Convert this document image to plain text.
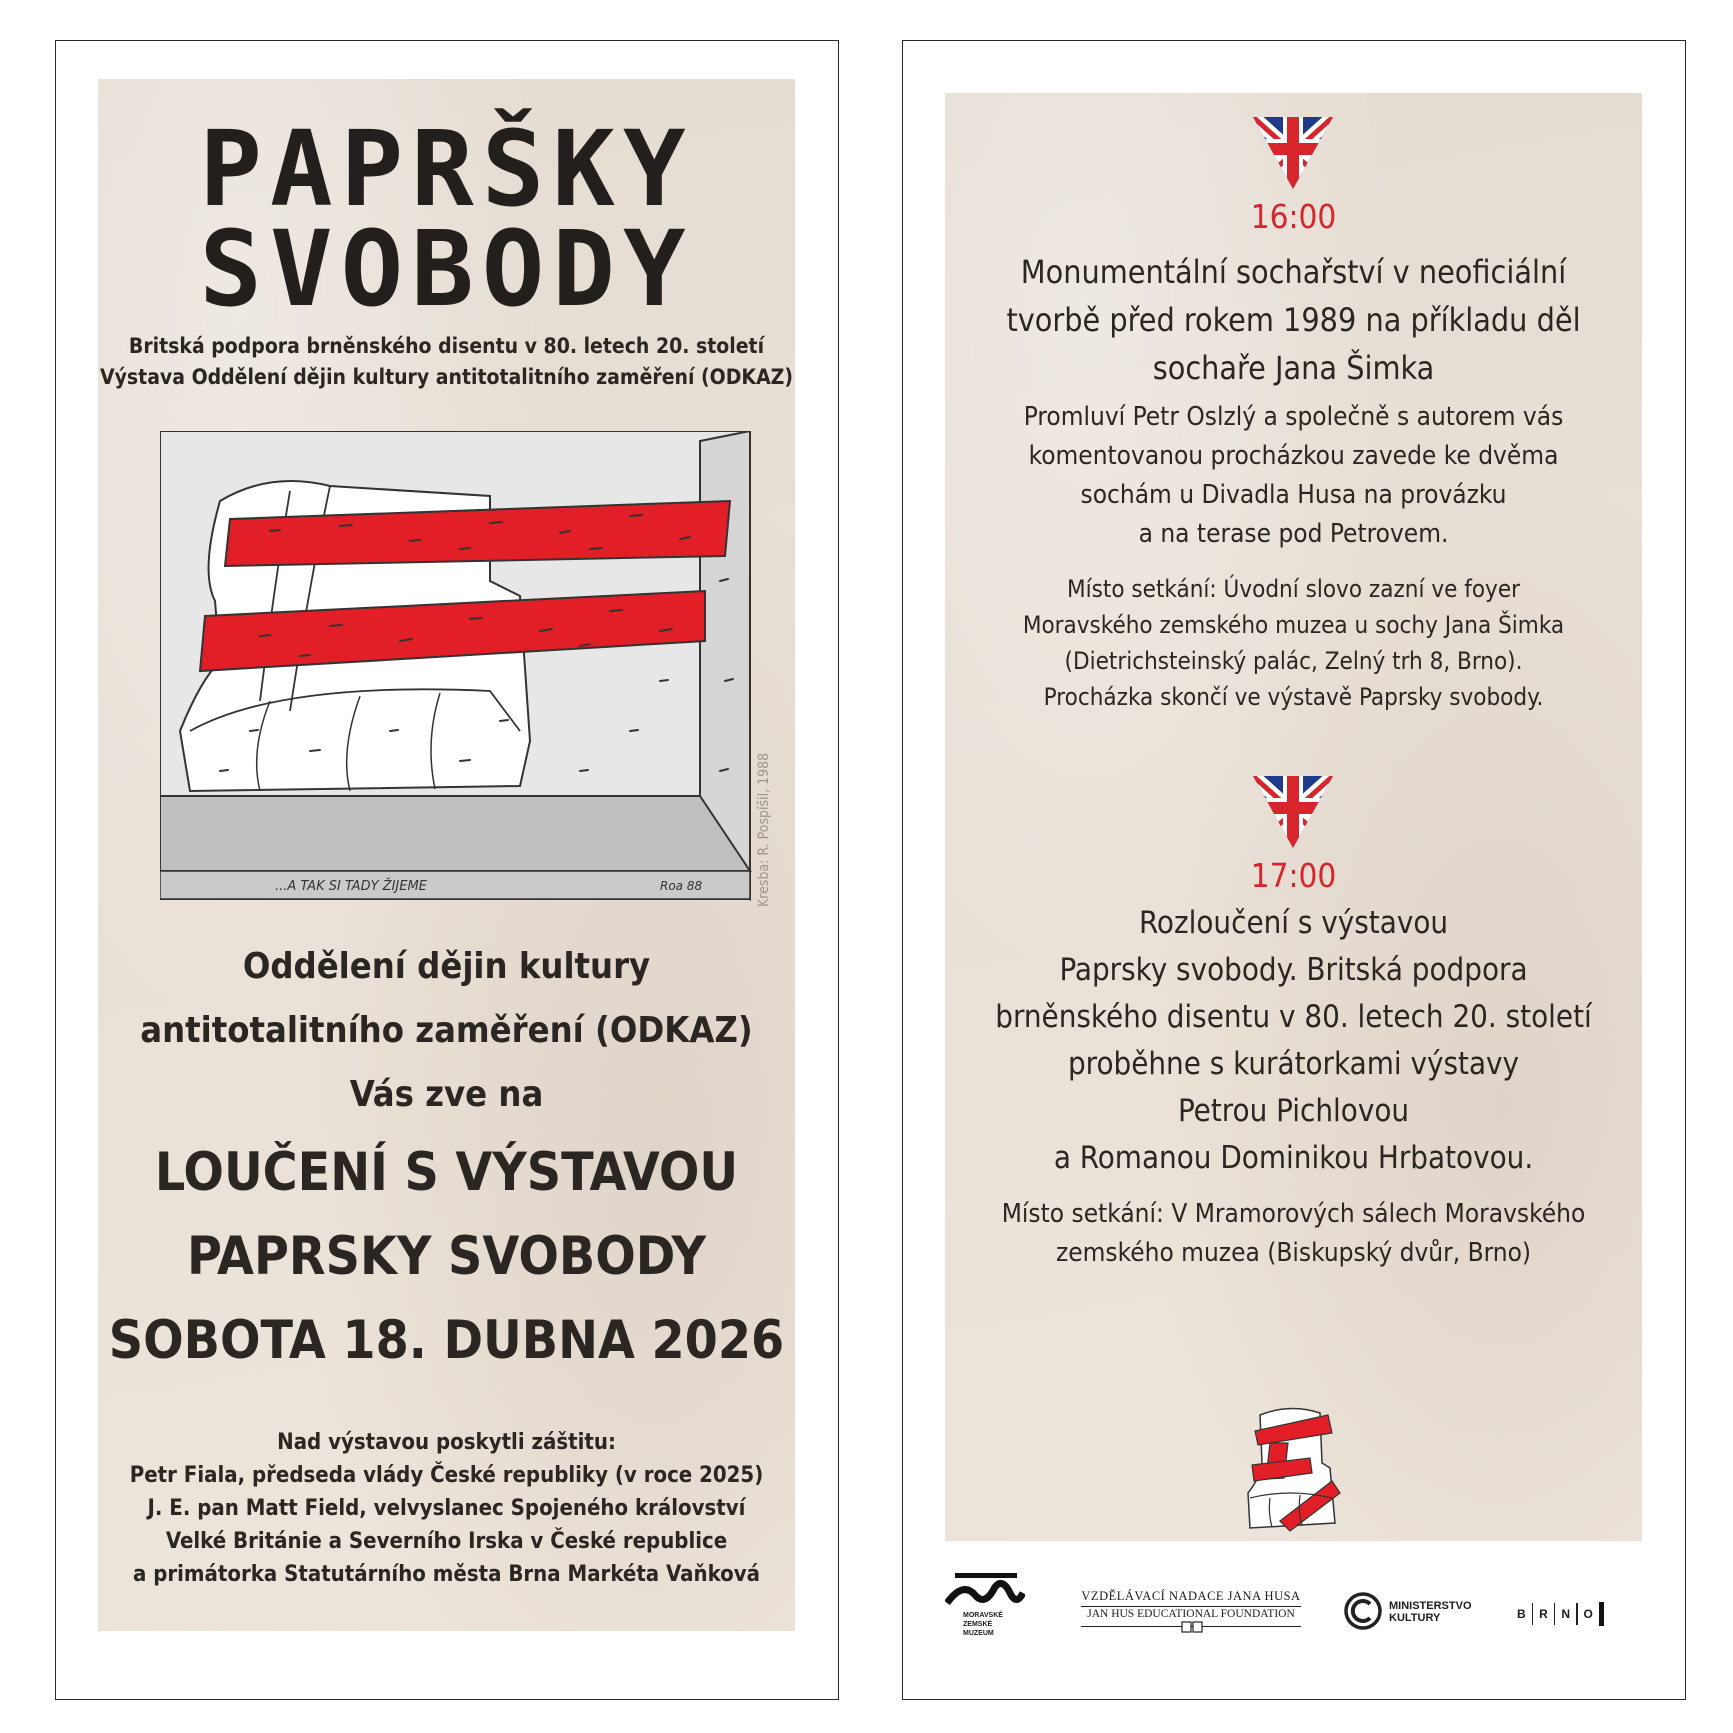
PAPRŠKY
SVOBODY
Britská podpora brněnského disentu v 80. letech 20. století
Výstava Oddělení dějin kultury antitotalitního zaměření (ODKAZ)
...A TAK SI TADY ŽIJEME	Roa 88	Kresba: R. Pospíšil, 1988
Oddělení dějin kultury
antitotalitního zaměření (ODKAZ)
Vás zve na
LOUČENÍ S VÝSTAVOU
PAPRSKY SVOBODY
SOBOTA 18. DUBNA 2026
Nad výstavou poskytli záštitu:
Petr Fiala, předseda vlády České republiky (v roce 2025)
J. E. pan Matt Field, velvyslanec Spojeného království
Velké Británie a Severního Irska v České republice
a primátorka Statutárního města Brna Markéta Vaňková
16:00
Monumentální sochařství v neoficiální
tvorbě před rokem 1989 na příkladu děl
sochaře Jana Šimka
Promluví Petr Oslzlý a společně s autorem vás
komentovanou procházkou zavede ke dvěma
sochám u Divadla Husa na provázku
a na terase pod Petrovem.
Místo setkání: Úvodní slovo zazní ve foyer
Moravského zemského muzea u sochy Jana Šimka
(Dietrichsteinský palác, Zelný trh 8, Brno).
Procházka skončí ve výstavě Paprsky svobody.
17:00
Rozloučení s výstavou
Paprsky svobody. Britská podpora
brněnského disentu v 80. letech 20. století
proběhne s kurátorkami výstavy
Petrou Pichlovou
a Romanou Dominikou Hrbatovou.
Místo setkání: V Mramorových sálech Moravského
zemského muzea (Biskupský dvůr, Brno)
MORAVSKÉ
ZEMSKÉ
MUZEUM
VZDĚLÁVACÍ NADACE JANA HUSA
JAN HUS EDUCATIONAL FOUNDATION
MINISTERSTVO
KULTURY	B	R	N	O
